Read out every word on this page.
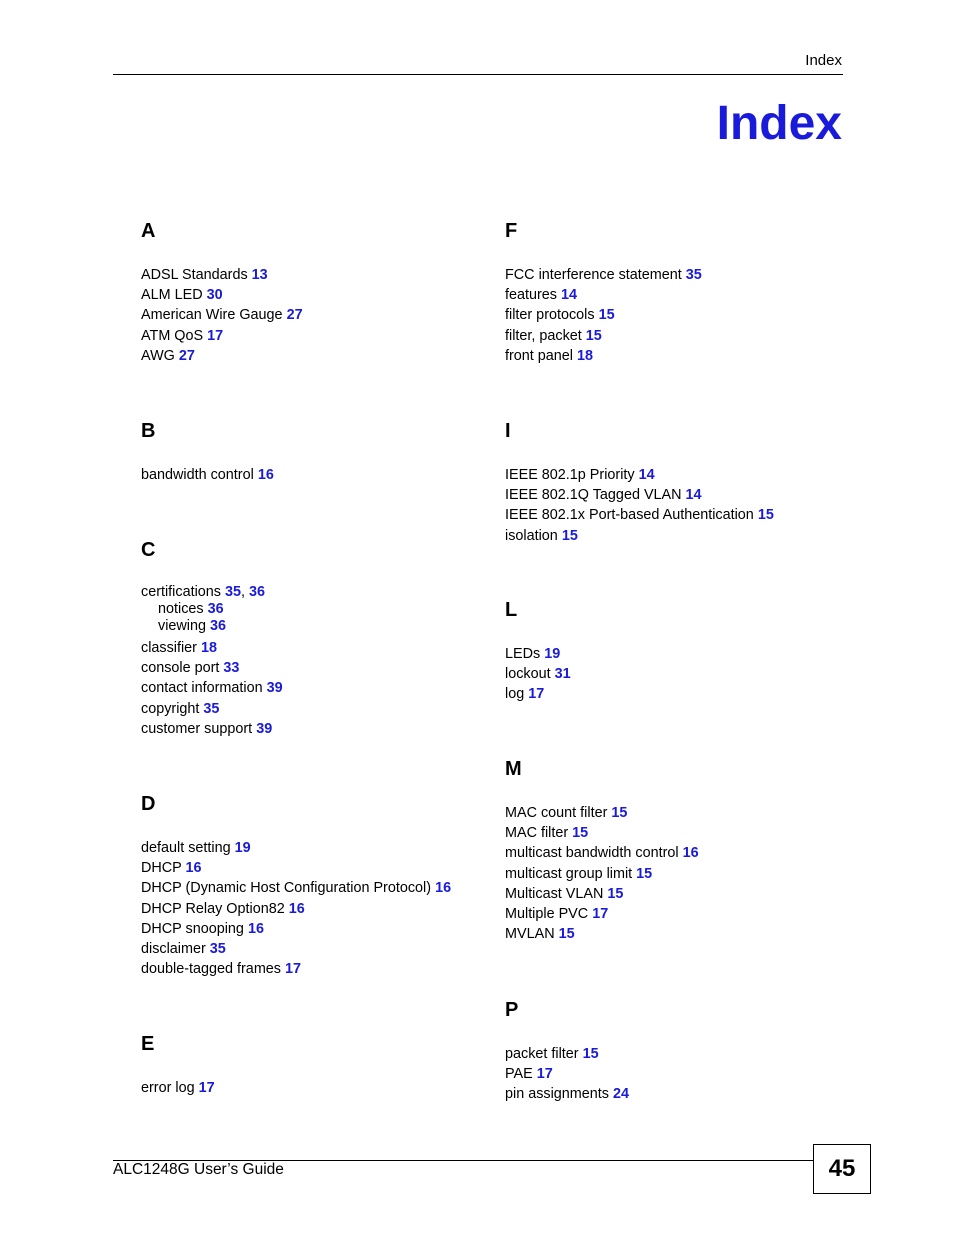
Index
Index
A
ADSL Standards 13
ALM LED 30
American Wire Gauge 27
ATM QoS 17
AWG 27
B
bandwidth control 16
C
certifications 35, 36
notices 36
viewing 36
classifier 18
console port 33
contact information 39
copyright 35
customer support 39
D
default setting 19
DHCP 16
DHCP (Dynamic Host Configuration Protocol) 16
DHCP Relay Option82 16
DHCP snooping 16
disclaimer 35
double-tagged frames 17
E
error log 17
F
FCC interference statement 35
features 14
filter protocols 15
filter, packet 15
front panel 18
I
IEEE 802.1p Priority 14
IEEE 802.1Q Tagged VLAN 14
IEEE 802.1x Port-based Authentication 15
isolation 15
L
LEDs 19
lockout 31
log 17
M
MAC count filter 15
MAC filter 15
multicast bandwidth control 16
multicast group limit 15
Multicast VLAN 15
Multiple PVC 17
MVLAN 15
P
packet filter 15
PAE 17
pin assignments 24
ALC1248G User’s Guide	45
